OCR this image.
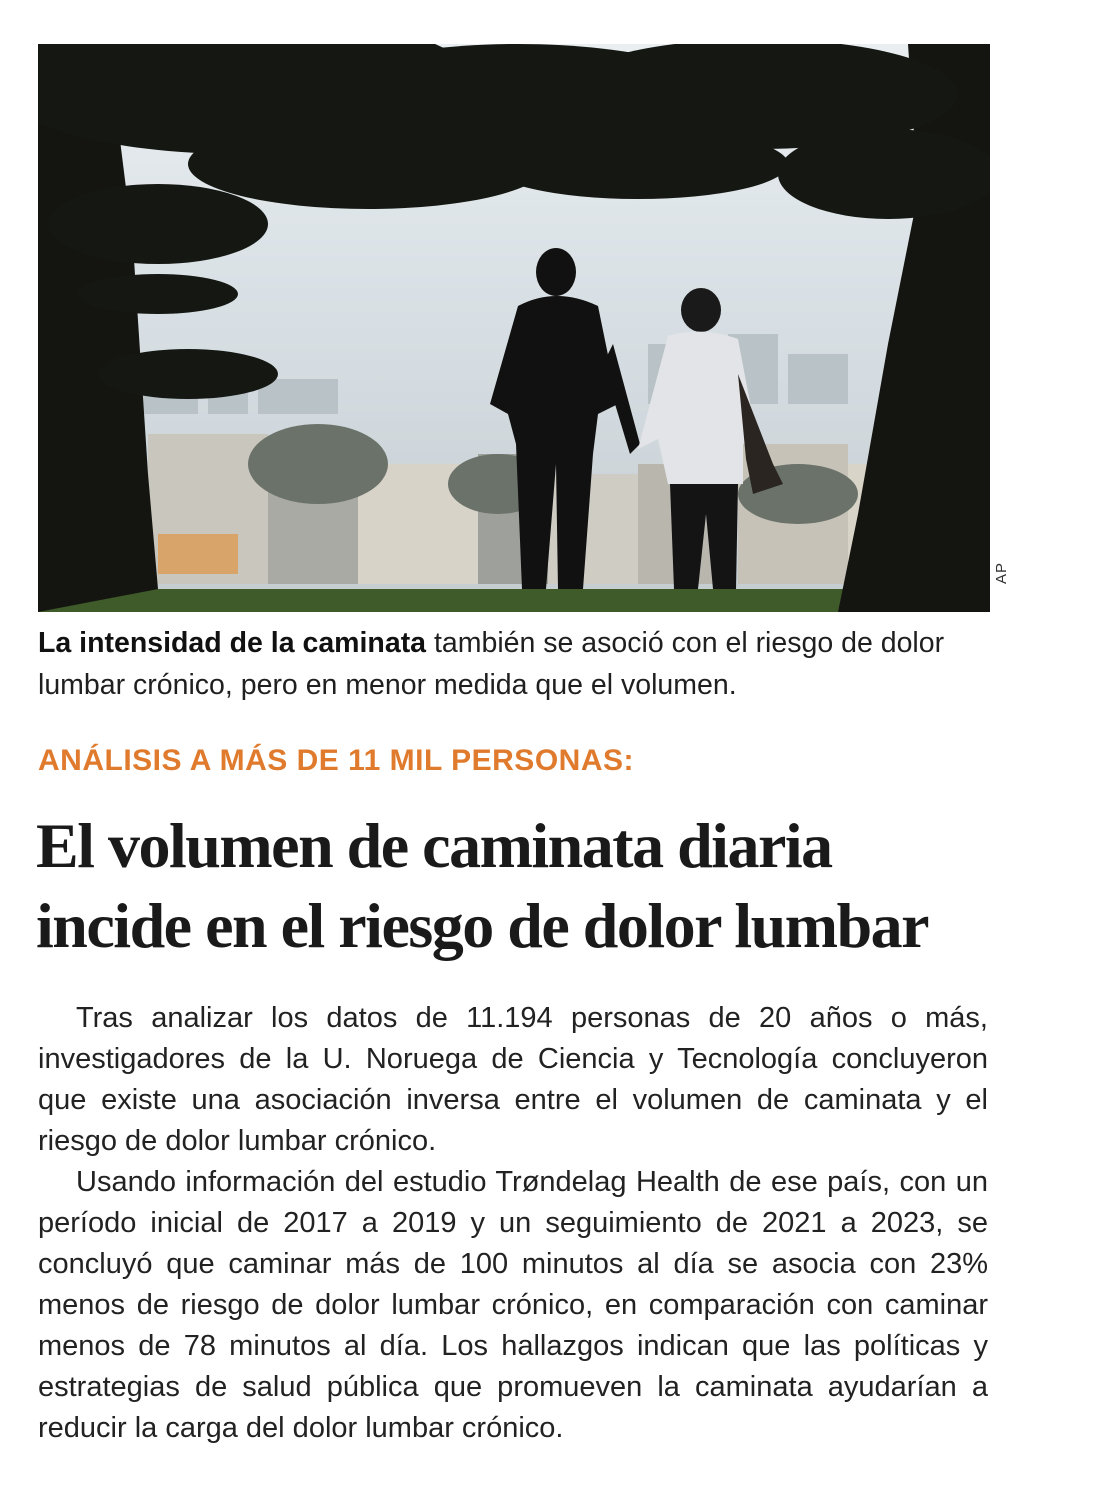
AP
La intensidad de la caminata también se asoció con el riesgo de dolor lumbar crónico, pero en menor medida que el volumen.
ANÁLISIS A MÁS DE 11 MIL PERSONAS:
El volumen de caminata diaria
incide en el riesgo de dolor lumbar

Tras analizar los datos de 11.194 personas de 20 años o más, investigadores de la U. Noruega de Ciencia y Tecnología concluyeron que existe una asociación inversa entre el volumen de caminata y el riesgo de dolor lumbar crónico.

Usando información del estudio Trøndelag Health de ese país, con un período inicial de 2017 a 2019 y un seguimiento de 2021 a 2023, se concluyó que caminar más de 100 minutos al día se asocia con 23% menos de riesgo de dolor lumbar crónico, en comparación con caminar menos de 78 minutos al día. Los hallazgos indican que las políticas y estrategias de salud pública que promueven la caminata ayudarían a reducir la carga del dolor lumbar crónico.
